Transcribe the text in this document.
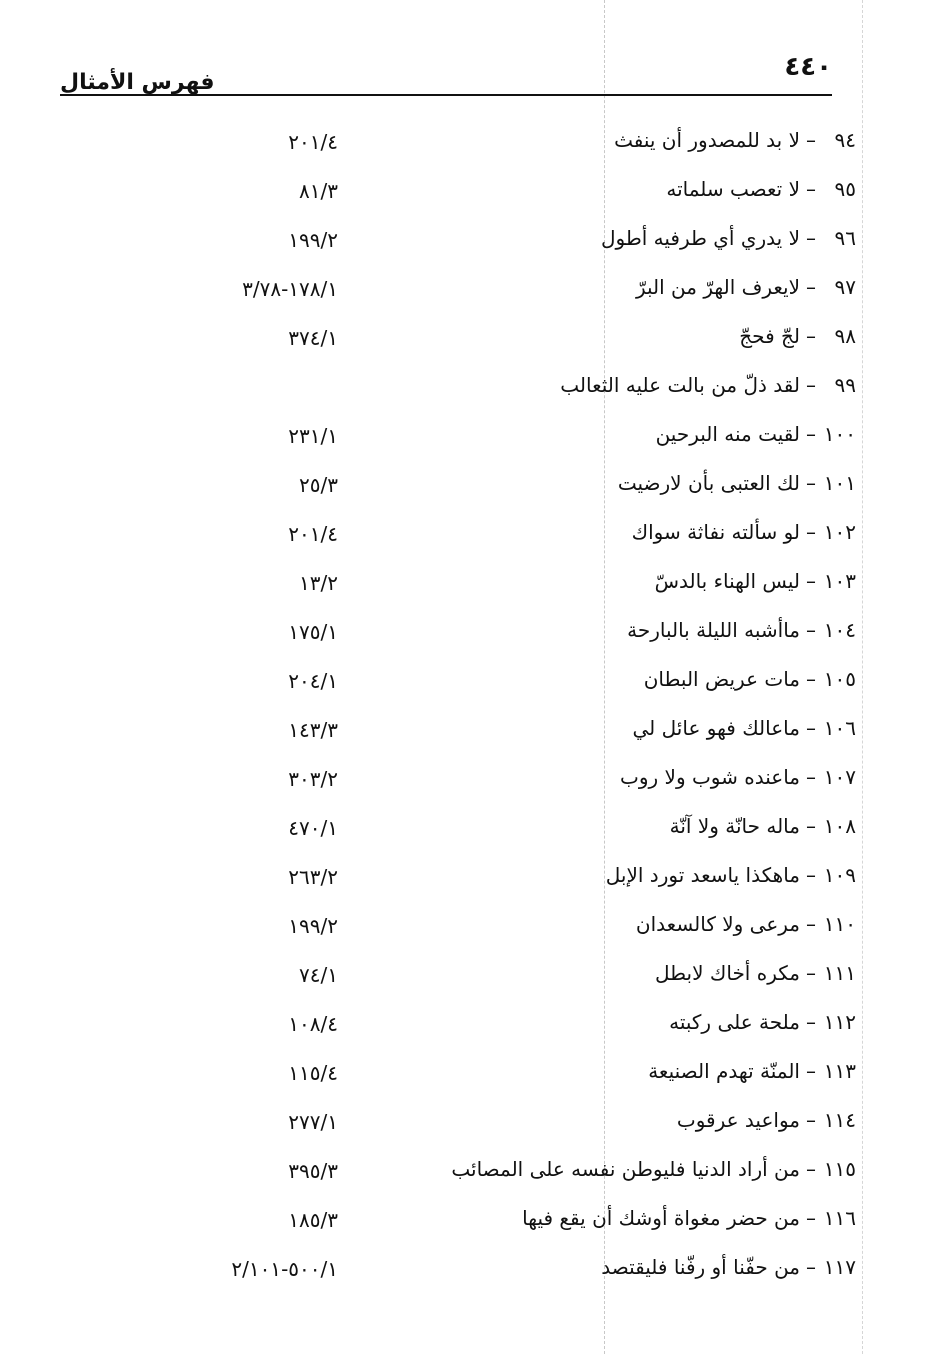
فهرس الأمثال
٤٤٠
٩٤–لا بد للمصدور أن ينفث
٢٠١/٤
٩٥–لا تعصب سلماته
٨١/٣
٩٦–لا يدري أي طرفيه أطول
١٩٩/٢
٩٧–لايعرف الهرّ من البرّ
١٧٨/١-٣/٧٨
٩٨–لجّ فحجّ
٣٧٤/١
٩٩–لقد ذلّ من بالت عليه الثعالب
١٠٠–لقيت منه البرحين
٢٣١/١
١٠١–لك العتبى بأن لارضيت
٢٥/٣
١٠٢–لو سألته نفاثة سواك
٢٠١/٤
١٠٣–ليس الهناء بالدسّ
١٣/٢
١٠٤–ماأشبه الليلة بالبارحة
١٧٥/١
١٠٥–مات عريض البطان
٢٠٤/١
١٠٦–ماعالك فهو عائل لي
١٤٣/٣
١٠٧–ماعنده شوب ولا روب
٣٠٣/٢
١٠٨–ماله حانّة ولا آنّة
٤٧٠/١
١٠٩–ماهكذا ياسعد تورد الإبل
٢٦٣/٢
١١٠–مرعى ولا كالسعدان
١٩٩/٢
١١١–مكره أخاك لابطل
٧٤/١
١١٢–ملحة على ركبته
١٠٨/٤
١١٣–المنّة تهدم الصنيعة
١١٥/٤
١١٤–مواعيد عرقوب
٢٧٧/١
١١٥–من أراد الدنيا فليوطن نفسه على المصائب
٣٩٥/٣
١١٦–من حضر مغواة أوشك أن يقع فيها
١٨٥/٣
١١٧–من حفّنا أو رفّنا فليقتصد
٥٠٠/١-٢/١٠١
